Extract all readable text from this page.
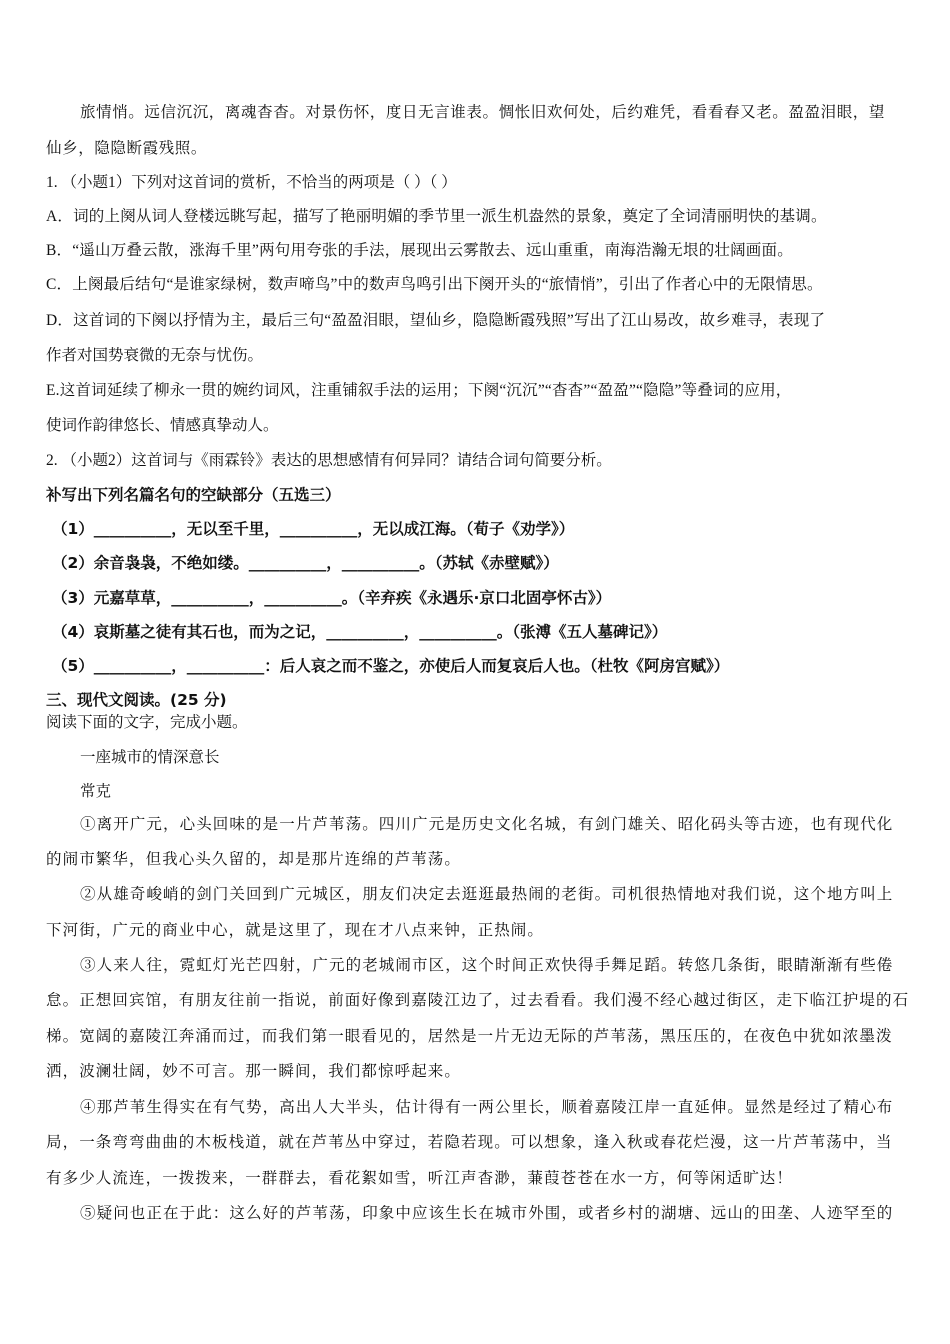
旅情悄。远信沉沉，离魂杳杳。对景伤怀，度日无言谁表。惆怅旧欢何处，后约难凭，看看春又老。盈盈泪眼，望
仙乡，隐隐断霞残照。
1. （小题1）下列对这首词的赏析，不恰当的两项是（ ）（ ）
A．词的上阕从词人登楼远眺写起，描写了艳丽明媚的季节里一派生机盎然的景象，奠定了全词清丽明快的基调。
B．“遥山万叠云散，涨海千里”两句用夸张的手法，展现出云雾散去、远山重重，南海浩瀚无垠的壮阔画面。
C．上阕最后结句“是谁家绿树，数声啼鸟”中的数声鸟鸣引出下阕开头的“旅情悄”，引出了作者心中的无限情思。
D．这首词的下阕以抒情为主，最后三句“盈盈泪眼，望仙乡，隐隐断霞残照”写出了江山易改，故乡难寻，表现了
作者对国势衰微的无奈与忧伤。
E.这首词延续了柳永一贯的婉约词风，注重铺叙手法的运用；下阕“沉沉”“杳杳”“盈盈”“隐隐”等叠词的应用，
使词作韵律悠长、情感真挚动人。
2. （小题2）这首词与《雨霖铃》表达的思想感情有何异同？请结合词句简要分析。
补写出下列名篇名句的空缺部分（五选三）
（1）__________，无以至千里，__________，无以成江海。（荀子《劝学》）
（2）余音袅袅，不绝如缕。__________，__________。（苏轼《赤壁赋》）
（3）元嘉草草，__________，__________。（辛弃疾《永遇乐·京口北固亭怀古》）
（4）哀斯墓之徒有其石也，而为之记，__________，__________。（张溥《五人墓碑记》）
（5）__________，__________：后人哀之而不鉴之，亦使后人而复哀后人也。（杜牧《阿房宫赋》）
三、现代文阅读。(25 分)
阅读下面的文字，完成小题。
一座城市的情深意长
常克
①离开广元，心头回味的是一片芦苇荡。四川广元是历史文化名城，有剑门雄关、昭化码头等古迹，也有现代化
的闹市繁华，但我心头久留的，却是那片连绵的芦苇荡。
②从雄奇峻峭的剑门关回到广元城区，朋友们决定去逛逛最热闹的老街。司机很热情地对我们说，这个地方叫上
下河街，广元的商业中心，就是这里了，现在才八点来钟，正热闹。
③人来人往，霓虹灯光芒四射，广元的老城闹市区，这个时间正欢快得手舞足蹈。转悠几条街，眼睛渐渐有些倦
怠。正想回宾馆，有朋友往前一指说，前面好像到嘉陵江边了，过去看看。我们漫不经心越过街区，走下临江护堤的石
梯。宽阔的嘉陵江奔涌而过，而我们第一眼看见的，居然是一片无边无际的芦苇荡，黑压压的，在夜色中犹如浓墨泼
洒，波澜壮阔，妙不可言。那一瞬间，我们都惊呼起来。
④那芦苇生得实在有气势，高出人大半头，估计得有一两公里长，顺着嘉陵江岸一直延伸。显然是经过了精心布
局，一条弯弯曲曲的木板栈道，就在芦苇丛中穿过，若隐若现。可以想象，逢入秋或春花烂漫，这一片芦苇荡中，当
有多少人流连，一拨拨来，一群群去，看花絮如雪，听江声杳渺，蒹葭苍苍在水一方，何等闲适旷达！
⑤疑问也正在于此：这么好的芦苇荡，印象中应该生长在城市外围，或者乡村的湖塘、远山的田垄、人迹罕至的
